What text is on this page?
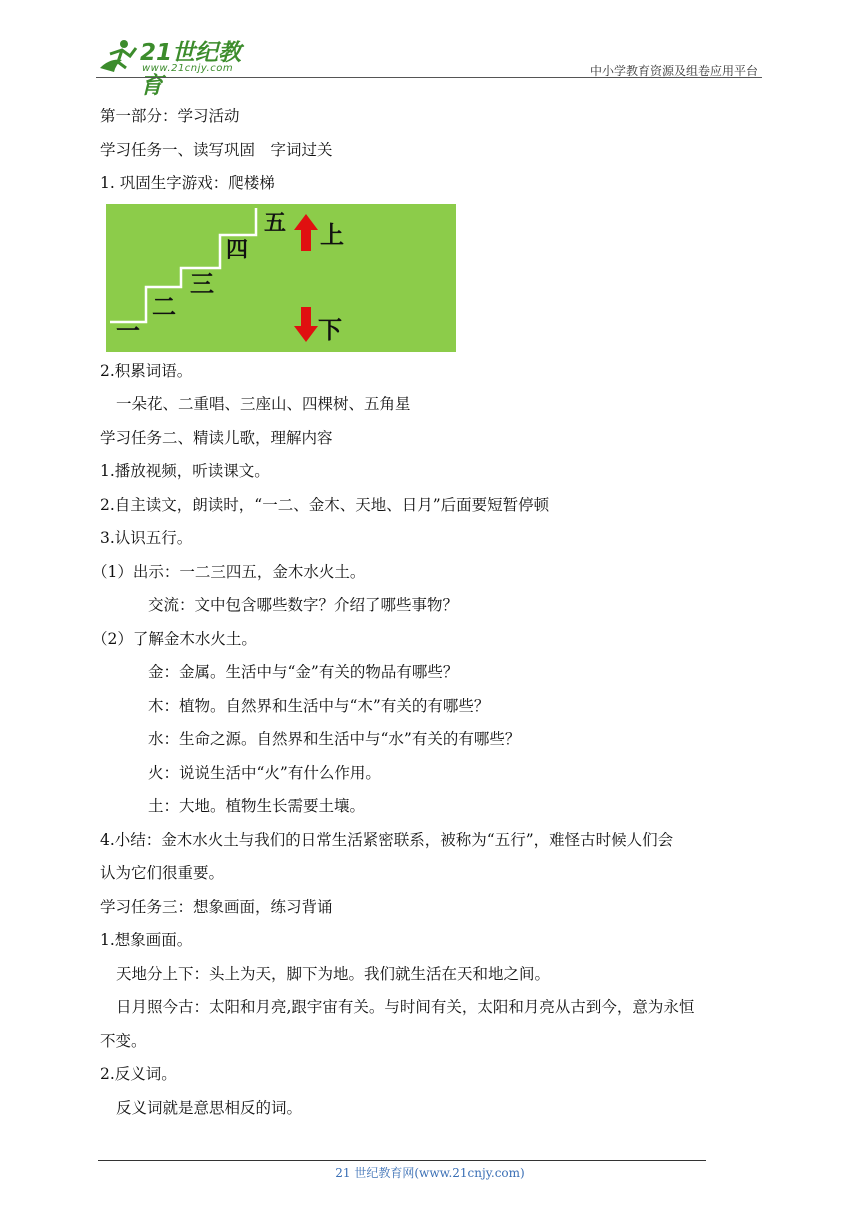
21世纪教育
www.21cnjy.com	中小学教育资源及组卷应用平台
第一部分：学习活动
学习任务一、读写巩固　字词过关
1. 巩固生字游戏：爬楼梯
一
二
三
四
五 上
下
2.积累词语。
一朵花、二重唱、三座山、四棵树、五角星
学习任务二、精读儿歌，理解内容
1.播放视频，听读课文。
2.自主读文，朗读时，“一二、金木、天地、日月”后面要短暂停顿
3.认识五行。
（1）出示：一二三四五，金木水火土。
交流：文中包含哪些数字？介绍了哪些事物？
（2）了解金木水火土。
金：金属。生活中与“金”有关的物品有哪些？
木：植物。自然界和生活中与“木”有关的有哪些？
水：生命之源。自然界和生活中与“水”有关的有哪些？
火：说说生活中“火”有什么作用。
土：大地。植物生长需要土壤。
4.小结：金木水火土与我们的日常生活紧密联系，被称为“五行”，难怪古时候人们会
认为它们很重要。
学习任务三：想象画面，练习背诵
1.想象画面。
天地分上下：头上为天，脚下为地。我们就生活在天和地之间。
日月照今古：太阳和月亮,跟宇宙有关。与时间有关，太阳和月亮从古到今，意为永恒
不变。
2.反义词。
反义词就是意思相反的词。
21 世纪教育网(www.21cnjy.com)
